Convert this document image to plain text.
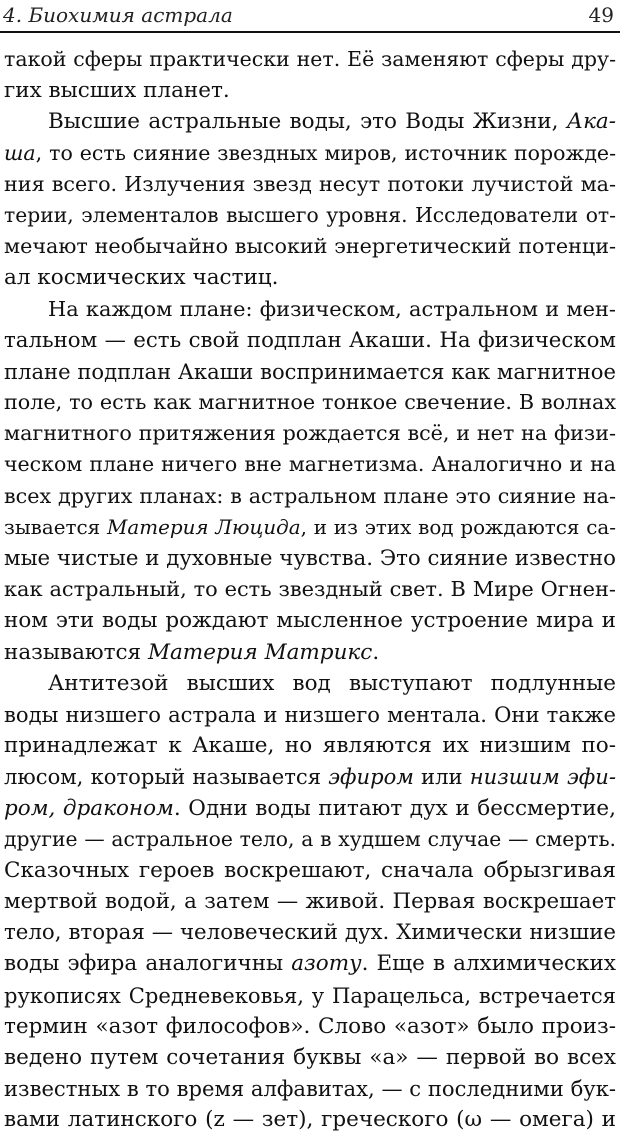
4. Биохимия астрала	49
такой сферы практически нет. Её заменяют сферы дру-
гих высших планет.
Высшие астральные воды, это Воды Жизни, Ака-
ша, то есть сияние звездных миров, источник порожде-
ния всего. Излучения звезд несут потоки лучистой ма-
терии, элементалов высшего уровня. Исследователи от-
мечают необычайно высокий энергетический потенци-
ал космических частиц.
На каждом плане: физическом, астральном и мен-
тальном — есть свой подплан Акаши. На физическом
плане подплан Акаши воспринимается как магнитное
поле, то есть как магнитное тонкое свечение. В волнах
магнитного притяжения рождается всё, и нет на физи-
ческом плане ничего вне магнетизма. Аналогично и на
всех других планах: в астральном плане это сияние на-
зывается Материя Люцида, и из этих вод рождаются са-
мые чистые и духовные чувства. Это сияние известно
как астральный, то есть звездный свет. В Мире Огнен-
ном эти воды рождают мысленное устроение мира и
называются Материя Матрикс.
Антитезой высших вод выступают подлунные
воды низшего астрала и низшего ментала. Они также
принадлежат к Акаше, но являются их низшим по-
люсом, который называется эфиром или низшим эфи-
ром, драконом. Одни воды питают дух и бессмертие,
другие — астральное тело, а в худшем случае — смерть.
Сказочных героев воскрешают, сначала обрызгивая
мертвой водой, а затем — живой. Первая воскрешает
тело, вторая — человеческий дух. Химически низшие
воды эфира аналогичны азоту. Еще в алхимических
рукописях Средневековья, у Парацельса, встречается
термин «азот философов». Слово «азот» было произ-
ведено путем сочетания буквы «а» — первой во всех
известных в то время алфавитах, — с последними бук-
вами латинского (z — зет), греческого (ω — омега) и
